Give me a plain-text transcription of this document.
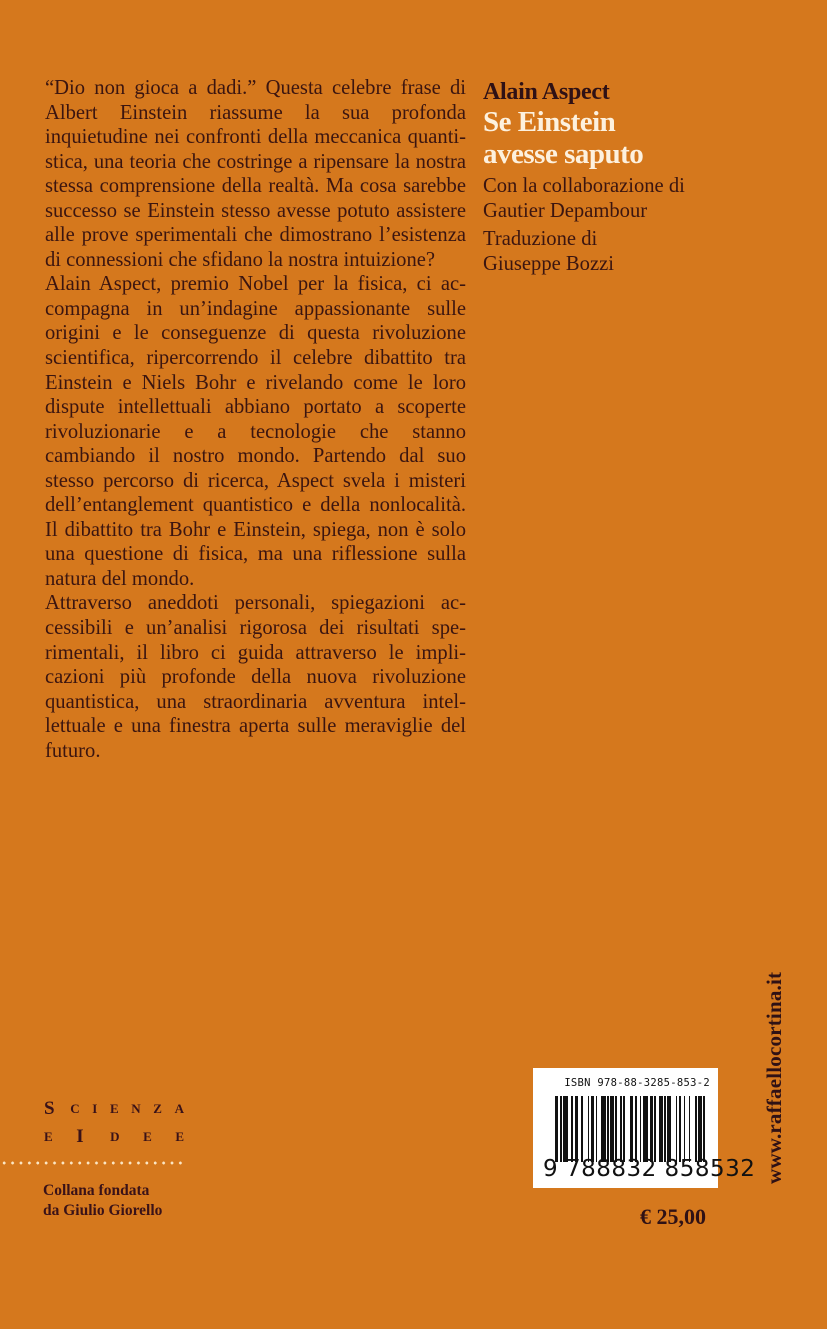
“Dio non gioca a dadi.” Questa celebre frase di Albert Einstein riassume la sua profonda inquietudine nei confronti della meccanica quantistica, una teoria che costringe a ripensare la nostra stessa comprensione della realtà. Ma cosa sarebbe successo se Einstein stesso avesse potuto assistere alle prove sperimentali che dimostrano l’esistenza di connessioni che sfidano la nostra intuizione?

Alain Aspect, premio Nobel per la fisica, ci accompagna in un’indagine appassionante sulle origini e le conseguenze di questa rivoluzione scientifica, ripercorrendo il celebre dibattito tra Einstein e Niels Bohr e rivelando come le loro dispute intellettuali abbiano portato a scoperte rivoluzionarie e a tecnologie che stanno cambiando il nostro mondo. Partendo dal suo stesso percorso di ricerca, Aspect svela i misteri dell’entanglement quantistico e della nonlocalità. Il dibattito tra Bohr e Einstein, spiega, non è solo una questione di fisica, ma una riflessione sulla natura del mondo.

Attraverso aneddoti personali, spiegazioni accessibili e un’analisi rigorosa dei risultati sperimentali, il libro ci guida attraverso le implicazioni più profonde della nuova rivoluzione quantistica, una straordinaria avventura intellettuale e una finestra aperta sulle meraviglie del futuro.

Alain Aspect
Se Einstein
avesse saputo
Con la collaborazione di
Gautier Depambour
Traduzione di
Giuseppe Bozzi
S C I E N Z A
E I D E E
Collana fondata
da Giulio Giorello
ISBN 978-88-3285-853-2
9 788832 858532
€ 25,00
www.raffaellocortina.it
